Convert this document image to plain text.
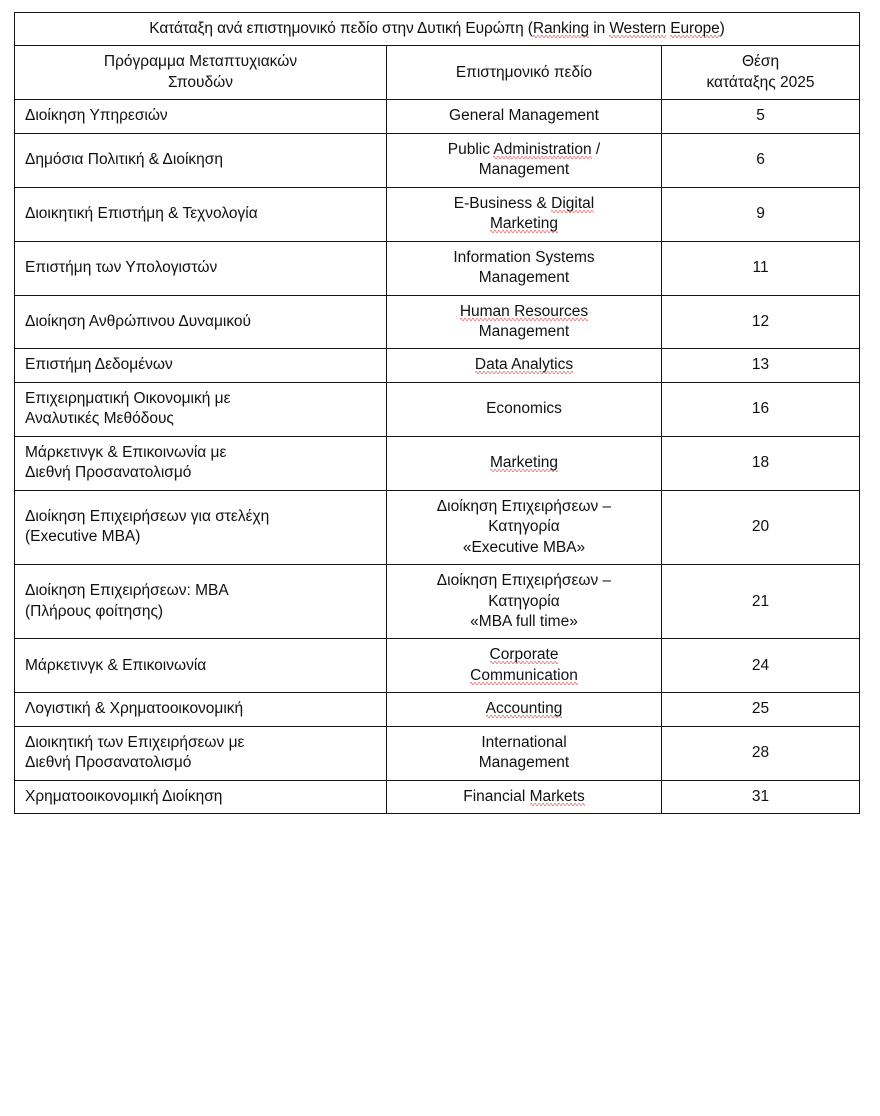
Κατάταξη ανά επιστημονικό πεδίο στην Δυτική Ευρώπη (Ranking in Western Europe)		

Πρόγραμμα Μεταπτυχιακών
Σπουδών	Επιστημονικό πεδίο	Θέση
κατάταξης 2025

Διοίκηση Υπηρεσιών	General Management	5

Δημόσια Πολιτική & Διοίκηση	Public Administration /
Management	6

Διοικητική Επιστήμη & Τεχνολογία	E-Business & Digital
Marketing	9

Επιστήμη των Υπολογιστών	Information Systems
Management	11

Διοίκηση Ανθρώπινου Δυναμικού	Human Resources
Management	12

Επιστήμη Δεδομένων	Data Analytics	13

Επιχειρηματική Οικονομική με
Αναλυτικές Μεθόδους	Economics	16

Μάρκετινγκ & Επικοινωνία με
Διεθνή Προσανατολισμό	Marketing	18

Διοίκηση Επιχειρήσεων για στελέχη
(Executive MBA)	Διοίκηση Επιχειρήσεων –
Κατηγορία
«Executive MBA»	20

Διοίκηση Επιχειρήσεων: MBA
(Πλήρους φοίτησης)	Διοίκηση Επιχειρήσεων –
Κατηγορία
«MBA full time»	21

Μάρκετινγκ & Επικοινωνία	Corporate
Communication	24

Λογιστική & Χρηματοοικονομική	Accounting	25

Διοικητική των Επιχειρήσεων με
Διεθνή Προσανατολισμό	International
Management	28

Χρηματοοικονομική Διοίκηση	Financial Markets	31
